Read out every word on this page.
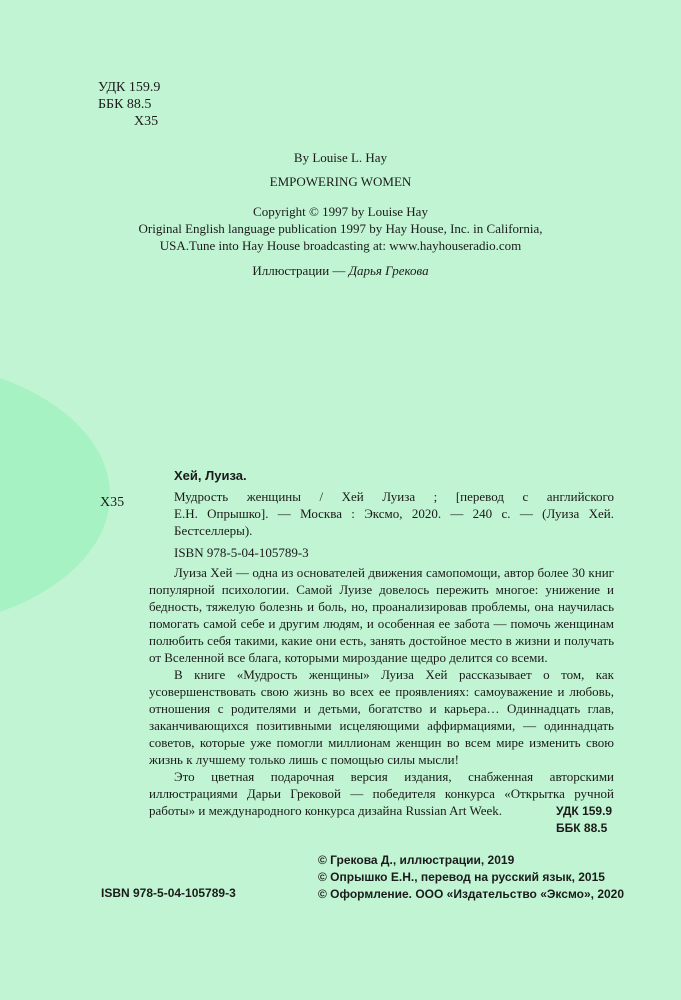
УДК 159.9
ББК 88.5
Х35
By Louise L. Hay
EMPOWERING WOMEN
Copyright © 1997 by Louise Hay
Original English language publication 1997 by Hay House, Inc. in California,
USA.Tune into Hay House broadcasting at: www.hayhouseradio.com
Иллюстрации — Дарья Грекова
Х35
Хей, Луиза.
Мудрость женщины / Хей Луиза ; [перевод с английского
Е.Н. Опрышко]. — Москва : Эксмо, 2020. — 240 с. — (Луиза Хей.
Бестселлеры).
ISBN 978-5-04-105789-3

Луиза Хей — одна из основателей движения самопомощи, автор более 30 книг популярной психологии. Самой Луизе довелось пережить многое: унижение и бедность, тяжелую болезнь и боль, но, проанализировав проблемы, она научилась помогать самой себе и другим людям, и особенная ее забота — помочь женщинам полюбить себя такими, какие они есть, занять достойное место в жизни и получать от Вселенной все блага, которыми мироздание щедро делится со всеми.

В книге «Мудрость женщины» Луиза Хей рассказывает о том, как усовершенствовать свою жизнь во всех ее проявлениях: самоуважение и любовь, отношения с родителями и детьми, богатство и карьера… Одиннадцать глав, заканчивающихся позитивными исцеляющими аффирмациями, — одиннадцать советов, которые уже помогли миллионам женщин во всем мире изменить свою жизнь к лучшему только лишь с помощью силы мысли!

Это цветная подарочная версия издания, снабженная авторскими иллюстрациями Дарьи Грековой — победителя конкурса «Открытка ручной работы» и международного конкурса дизайна Russian Art Week.	УДК 159.9
ББК 88.5
© Грекова Д., иллюстрации, 2019
© Опрышко Е.Н., перевод на русский язык, 2015
© Оформление. ООО «Издательство «Эксмо», 2020
ISBN 978-5-04-105789-3
